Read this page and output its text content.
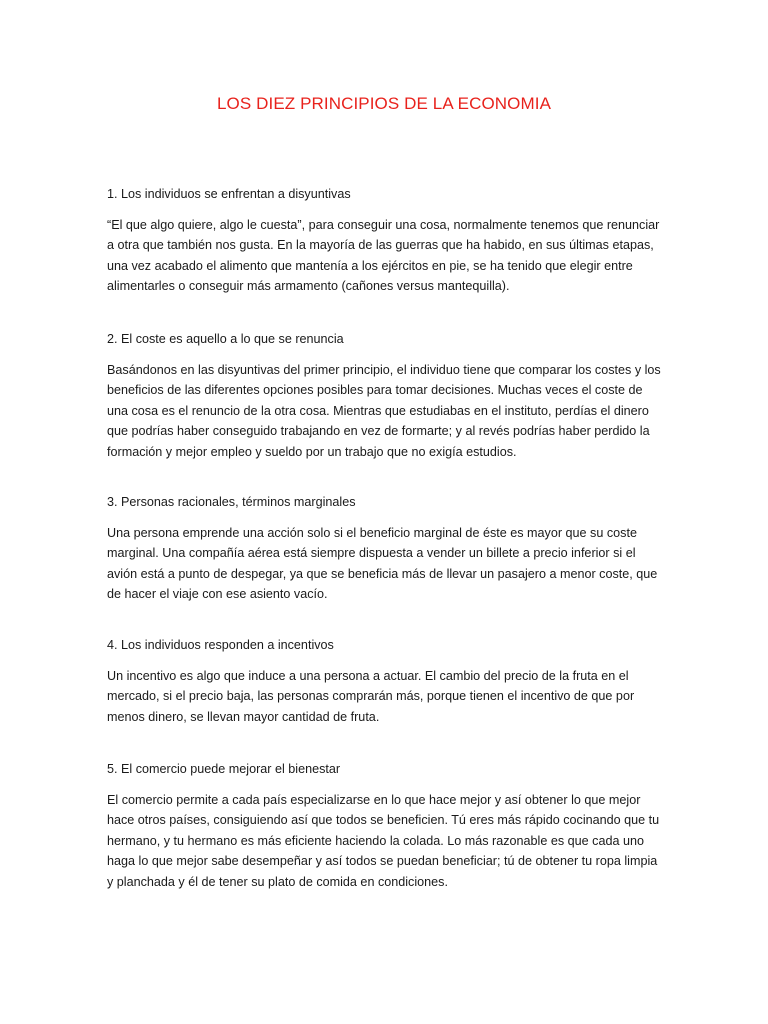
LOS DIEZ PRINCIPIOS DE LA ECONOMIA

1. Los individuos se enfrentan a disyuntivas

“El que algo quiere, algo le cuesta”, para conseguir una cosa, normalmente tenemos que renunciar a otra que también nos gusta. En la mayoría de las guerras que ha habido, en sus últimas etapas, una vez acabado el alimento que mantenía a los ejércitos en pie, se ha tenido que elegir entre alimentarles o conseguir más armamento (cañones versus mantequilla).

2. El coste es aquello a lo que se renuncia

Basándonos en las disyuntivas del primer principio, el individuo tiene que comparar los costes y los beneficios de las diferentes opciones posibles para tomar decisiones. Muchas veces el coste de una cosa es el renuncio de la otra cosa. Mientras que estudiabas en el instituto, perdías el dinero que podrías haber conseguido trabajando en vez de formarte; y al revés podrías haber perdido la formación y mejor empleo y sueldo por un trabajo que no exigía estudios.

3. Personas racionales, términos marginales

Una persona emprende una acción solo si el beneficio marginal de éste es mayor que su coste marginal. Una compañía aérea está siempre dispuesta a vender un billete a precio inferior si el avión está a punto de despegar, ya que se beneficia más de llevar un pasajero a menor coste, que de hacer el viaje con ese asiento vacío.

4. Los individuos responden a incentivos

Un incentivo es algo que induce a una persona a actuar. El cambio del precio de la fruta en el mercado, si el precio baja, las personas comprarán más, porque tienen el incentivo de que por menos dinero, se llevan mayor cantidad de fruta.

5. El comercio puede mejorar el bienestar

El comercio permite a cada país especializarse en lo que hace mejor y así obtener lo que mejor hace otros países, consiguiendo así que todos se beneficien. Tú eres más rápido cocinando que tu hermano, y tu hermano es más eficiente haciendo la colada. Lo más razonable es que cada uno haga lo que mejor sabe desempeñar y así todos se puedan beneficiar; tú de obtener tu ropa limpia y planchada y él de tener su plato de comida en condiciones.
